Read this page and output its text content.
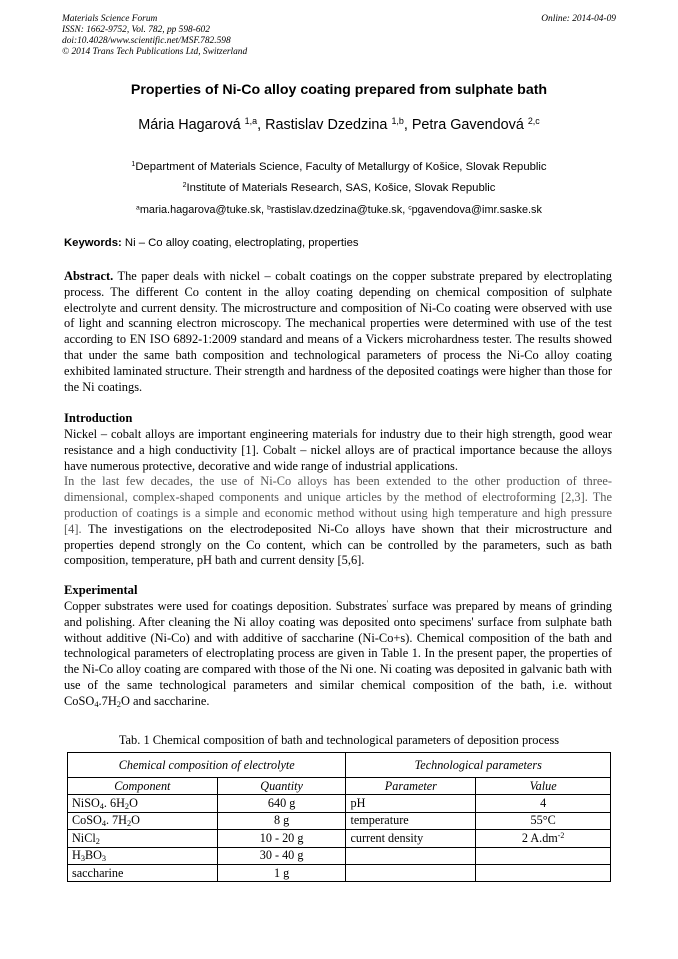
Materials Science Forum
ISSN: 1662-9752, Vol. 782, pp 598-602
doi:10.4028/www.scientific.net/MSF.782.598
© 2014 Trans Tech Publications Ltd, Switzerland
Online: 2014-04-09
Properties of Ni-Co alloy coating prepared from sulphate bath
Mária Hagarová $^{1,a}$, Rastislav Dzedzina $^{1,b}$, Petra Gavendová $^{2,c}$
$^1$Department of Materials Science, Faculty of Metallurgy of Košice, Slovak Republic
$^2$Institute of Materials Research, SAS, Košice, Slovak Republic
$^a$maria.hagarova@tuke.sk, $^b$rastislav.dzedzina@tuke.sk, $^c$pgavendova@imr.saske.sk
Keywords: Ni – Co alloy coating, electroplating, properties
Abstract. The paper deals with nickel – cobalt coatings on the copper substrate prepared by electroplating process. The different Co content in the alloy coating depending on chemical composition of sulphate electrolyte and current density. The microstructure and composition of Ni-Co coating were observed with use of light and scanning electron microscopy. The mechanical properties were determined with use of the test according to EN ISO 6892-1:2009 standard and means of a Vickers microhardness tester. The results showed that under the same bath composition and technological parameters of process the Ni-Co alloy coating exhibited laminated structure. Their strength and hardness of the deposited coatings were higher than those for the Ni coatings.
Introduction
Nickel – cobalt alloys are important engineering materials for industry due to their high strength, good wear resistance and a high conductivity [1]. Cobalt – nickel alloys are of practical importance because the alloys have numerous protective, decorative and wide range of industrial applications.
In the last few decades, the use of Ni-Co alloys has been extended to the other production of three-dimensional, complex-shaped components and unique articles by the method of electroforming [2,3]. The production of coatings is a simple and economic method without using high temperature and high pressure [4]. The investigations on the electrodeposited Ni-Co alloys have shown that their microstructure and properties depend strongly on the Co content, which can be controlled by the parameters, such as bath composition, temperature, pH bath and current density [5,6].
Experimental
Copper substrates were used for coatings deposition. Substrates' surface was prepared by means of grinding and polishing. After cleaning the Ni alloy coating was deposited onto specimens' surface from sulphate bath without additive (Ni-Co) and with additive of saccharine (Ni-Co+s). Chemical composition of the bath and technological parameters of electroplating process are given in Table 1. In the present paper, the properties of the Ni-Co alloy coating are compared with those of the Ni one. Ni coating was deposited in galvanic bath with use of the same technological parameters and similar chemical composition of the bath, i.e. without $CoSO_4.7H_2O$ and saccharine.
Tab. 1 Chemical composition of bath and technological parameters of deposition process
Chemical composition of electrolyte		Technological parameters	
Component	Quantity	Parameter	Value
NiSO$_4$. $6H_2O$	640 g	pH	4
CoSO$_4$. $7H_2O$	8 g	temperature	55°C
NiCl$_2$	10 - 20 g	current density	2 $A.dm^{-2}$
$H_3BO_3$	30 - 40 g		
saccharine	1 g		
